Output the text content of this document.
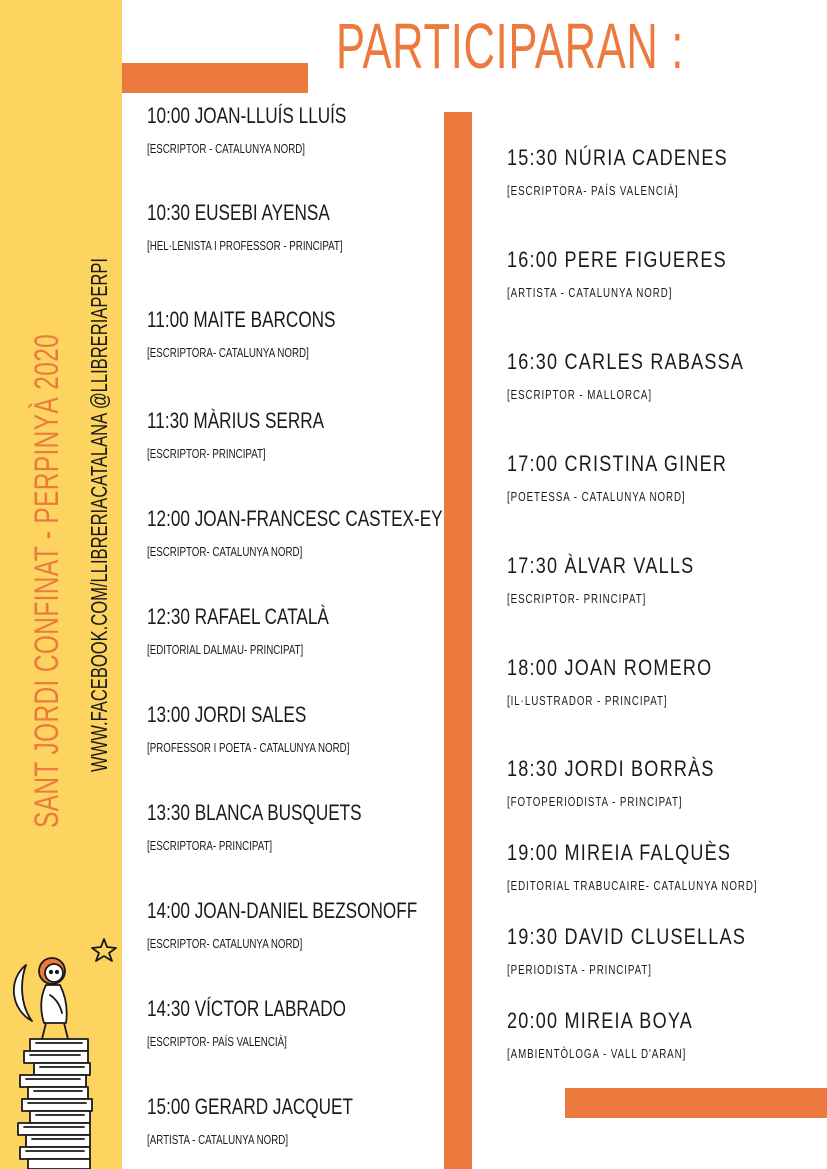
SANT JORDI CONFINAT - PERPINYÀ 2020 WWW.FACEBOOK.COM/LLIBRERIACATALANA @LLIBRERIAPERPI
PARTICIPARAN :
10:00 JOAN-LLUÍS LLUÍS
[ESCRIPTOR - CATALUNYA NORD]
10:30 EUSEBI AYENSA
[HEL·LENISTA I PROFESSOR - PRINCIPAT]
11:00 MAITE BARCONS
[ESCRIPTORA- CATALUNYA NORD]
11:30 MÀRIUS SERRA
[ESCRIPTOR- PRINCIPAT]
12:00 JOAN-FRANCESC CASTEX-EY
[ESCRIPTOR- CATALUNYA NORD]
12:30 RAFAEL CATALÀ
[EDITORIAL DALMAU- PRINCIPAT]
13:00 JORDI SALES
[PROFESSOR I POETA - CATALUNYA NORD]
13:30 BLANCA BUSQUETS
[ESCRIPTORA- PRINCIPAT]
14:00 JOAN-DANIEL BEZSONOFF
[ESCRIPTOR- CATALUNYA NORD]
14:30 VÍCTOR LABRADO
[ESCRIPTOR- PAÍS VALENCIÀ]
15:00 GERARD JACQUET
[ARTISTA - CATALUNYA NORD]
15:30 NÚRIA CADENES
[ESCRIPTORA- PAÍS VALENCIÀ]
16:00 PERE FIGUERES
[ARTISTA - CATALUNYA NORD]
16:30 CARLES RABASSA
[ESCRIPTOR - MALLORCA]
17:00 CRISTINA GINER
[POETESSA - CATALUNYA NORD]
17:30 ÀLVAR VALLS
[ESCRIPTOR- PRINCIPAT]
18:00 JOAN ROMERO
[IL·LUSTRADOR - PRINCIPAT]
18:30 JORDI BORRÀS
[FOTOPERIODISTA - PRINCIPAT]
19:00 MIREIA FALQUÈS
[EDITORIAL TRABUCAIRE- CATALUNYA NORD]
19:30 DAVID CLUSELLAS
[PERIODISTA - PRINCIPAT]
20:00 MIREIA BOYA
[AMBIENTÒLOGA - VALL D'ARAN]
